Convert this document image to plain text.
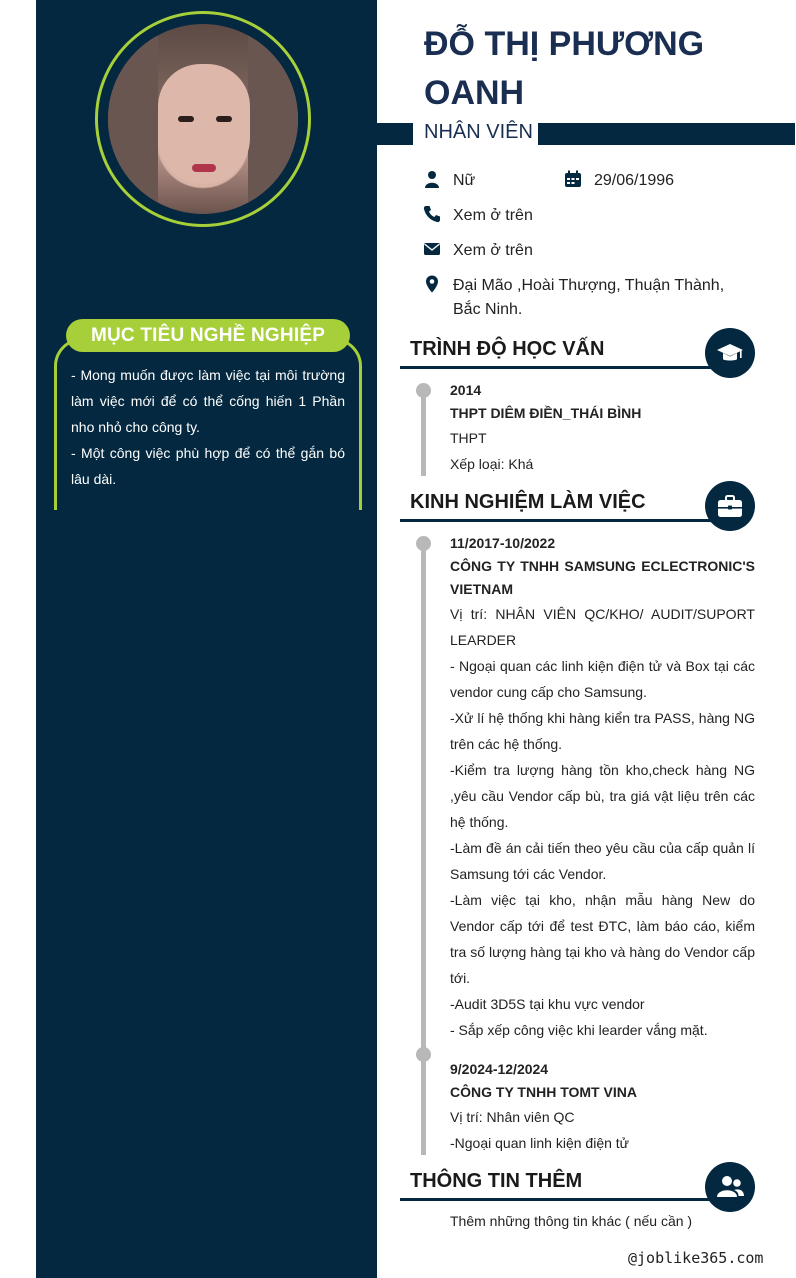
MỤC TIÊU NGHỀ NGHIỆP

- Mong muốn được làm việc tại môi trường làm việc mới để có thể cống hiến 1 Phần nho nhỏ cho công ty.

- Một công việc phù hợp để có thể gắn bó lâu dài.

ĐỖ THỊ PHƯƠNG OANH
NHÂN VIÊN
Nữ	29/06/1996
Xem ở trên
Xem ở trên
Đại Mão ,Hoài Thượng, Thuận Thành, Bắc Ninh.
TRÌNH ĐỘ HỌC VẤN
2014
THPT DIÊM ĐIỀN_THÁI BÌNH
THPT
Xếp loại: Khá
KINH NGHIỆM LÀM VIỆC
11/2017-10/2022
CÔNG TY TNHH SAMSUNG ECLECTRONIC'S VIETNAM
Vị trí: NHÂN VIÊN QC/KHO/ AUDIT/SUPORT LEARDER
- Ngoại quan các linh kiện điện tử và Box tại các vendor cung cấp cho Samsung.
-Xử lí hệ thống khi hàng kiển tra PASS, hàng NG trên các hệ thống.
-Kiểm tra lượng hàng tồn kho,check hàng NG ,yêu cầu Vendor cấp bù, tra giá vật liệu trên các hệ thống.
-Làm đề án cải tiến theo yêu cầu của cấp quản lí Samsung tới các Vendor.
-Làm việc tại kho, nhận mẫu hàng New do Vendor cấp tới để test ĐTC, làm báo cáo, kiểm tra số lượng hàng tại kho và hàng do Vendor cấp tới.
-Audit 3D5S tại khu vực vendor
- Sắp xếp công việc khi learder vắng mặt.
9/2024-12/2024
CÔNG TY TNHH TOMT VINA
Vị trí: Nhân viên QC
-Ngoại quan linh kiện điện tử
THÔNG TIN THÊM
Thêm những thông tin khác ( nếu cần )
@joblike365.com
